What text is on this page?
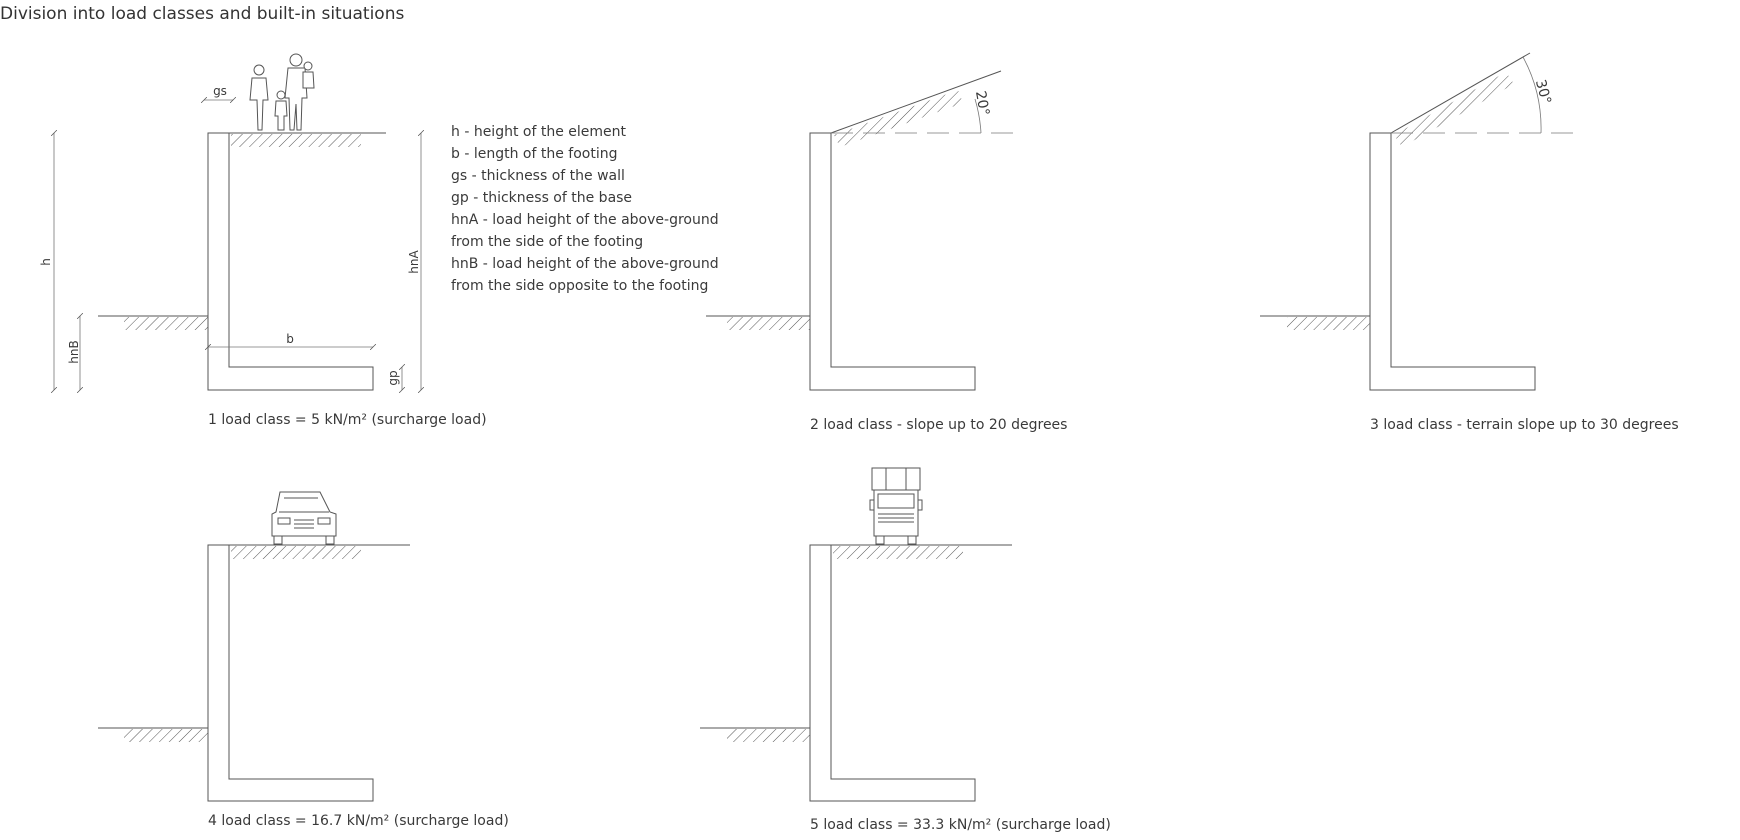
Division into load classes and built-in situations
h
hnB
hnA
b
gs
gp
h - height of the element
b - length of the footing
gs - thickness of the wall
gp - thickness of the base
hnA - load height of the above-ground
from the side of the footing
hnB - load height of the above-ground
from the side opposite to the footing
1 load class = 5 kN/m² (surcharge load)
20°
2 load class - slope up to 20 degrees
30°
3 load class - terrain slope up to 30 degrees
4 load class = 16.7 kN/m² (surcharge load)	5 load class = 33.3 kN/m² (surcharge load)
